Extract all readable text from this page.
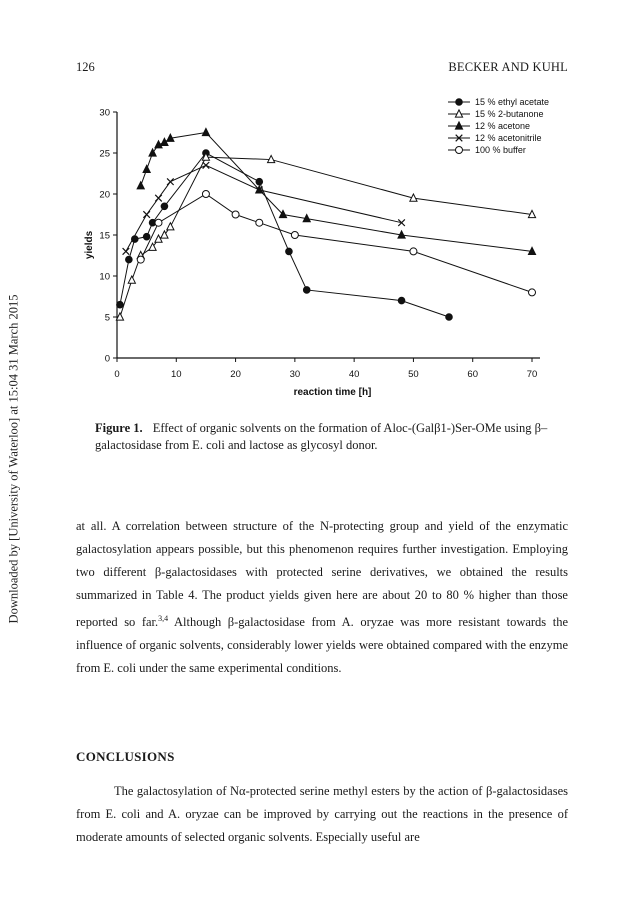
Downloaded by [University of Waterloo] at 15:04 31 March 2015
126	BECKER AND KUHL
0
5
10
15
20
25
30
0	10	20	30	40	50	60	70
reaction time [h]
yields
15 % ethyl acetate
15 % 2-butanone
12 % acetone
12 % acetonitrile
100 % buffer
Figure 1. Effect of organic solvents on the formation of Aloc-(Galβ1-)Ser-OMe using β–galactosidase from E. coli and lactose as glycosyl donor.

at all. A correlation between structure of the N-protecting group and yield of the enzymatic galactosylation appears possible, but this phenomenon requires further investigation. Employing two different β-galactosidases with protected serine derivatives, we obtained the results summarized in Table 4. The product yields given here are about 20 to 80 % higher than those reported so far.$^{3,4}$ Although β-galactosidase from A. oryzae was more resistant towards the influence of organic solvents, considerably lower yields were obtained compared with the enzyme from E. coli under the same experimental conditions.

CONCLUSIONS

The galactosylation of Nα-protected serine methyl esters by the action of β-galactosidases from E. coli and A. oryzae can be improved by carrying out the reactions in the presence of moderate amounts of selected organic solvents. Especially useful are
